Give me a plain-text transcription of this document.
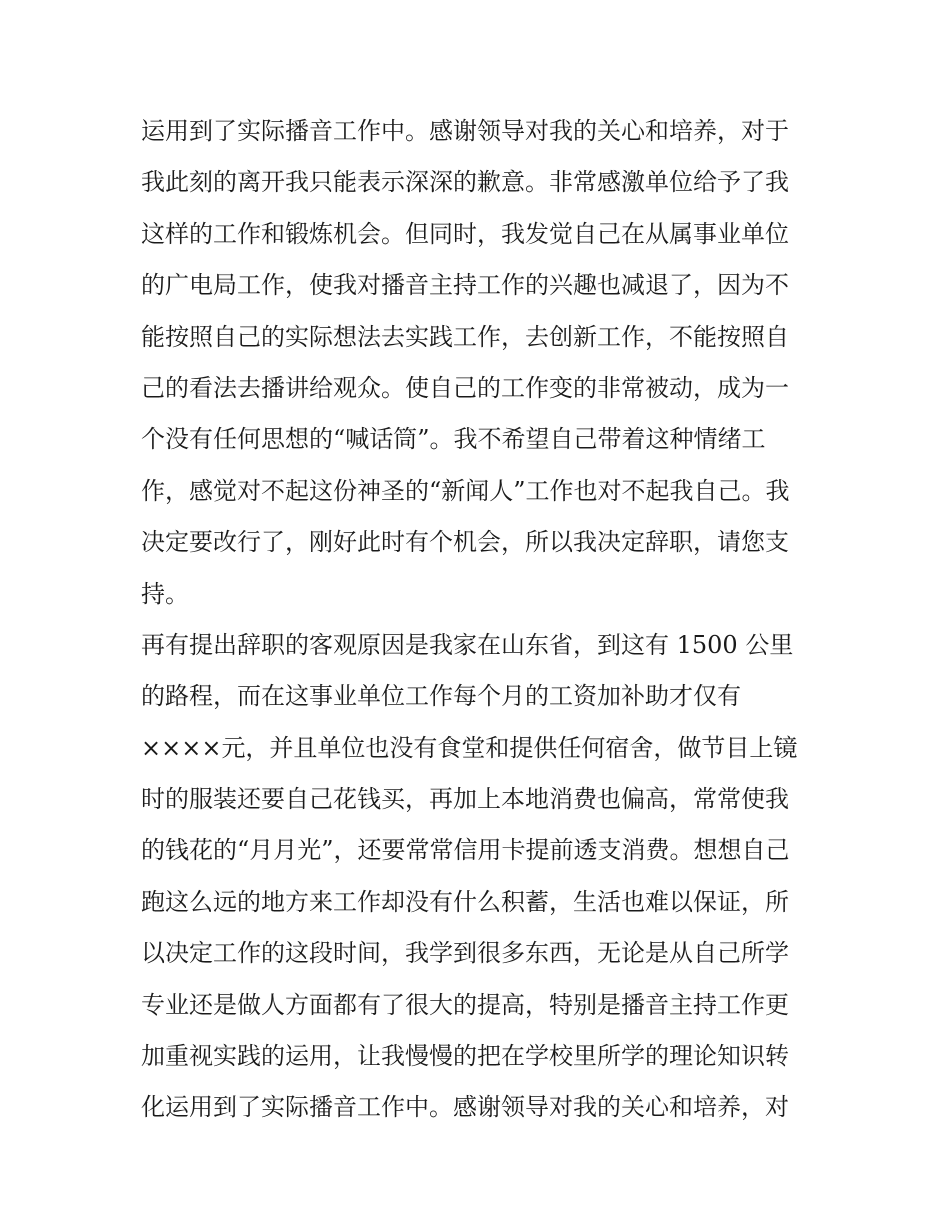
运用到了实际播音工作中。感谢领导对我的关心和培养，对于
我此刻的离开我只能表示深深的歉意。非常感激单位给予了我
这样的工作和锻炼机会。但同时，我发觉自己在从属事业单位
的广电局工作，使我对播音主持工作的兴趣也减退了，因为不
能按照自己的实际想法去实践工作，去创新工作，不能按照自
己的看法去播讲给观众。使自己的工作变的非常被动，成为一
个没有任何思想的“喊话筒”。我不希望自己带着这种情绪工
作，感觉对不起这份神圣的“新闻人”工作也对不起我自己。我
决定要改行了，刚好此时有个机会，所以我决定辞职，请您支
持。
再有提出辞职的客观原因是我家在山东省，到这有 1500 公里
的路程，而在这事业单位工作每个月的工资加补助才仅有
××××元，并且单位也没有食堂和提供任何宿舍，做节目上镜
时的服装还要自己花钱买，再加上本地消费也偏高，常常使我
的钱花的“月月光”，还要常常信用卡提前透支消费。想想自己
跑这么远的地方来工作却没有什么积蓄，生活也难以保证，所
以决定工作的这段时间，我学到很多东西，无论是从自己所学
专业还是做人方面都有了很大的提高，特别是播音主持工作更
加重视实践的运用，让我慢慢的把在学校里所学的理论知识转
化运用到了实际播音工作中。感谢领导对我的关心和培养，对
